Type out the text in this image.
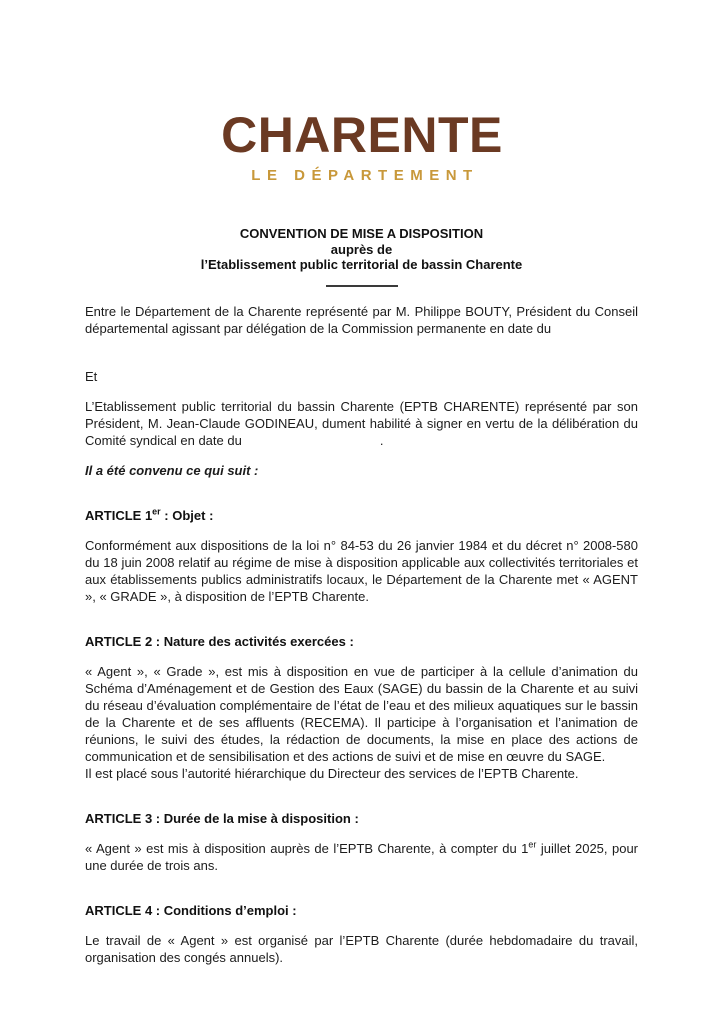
CHARENTE
LE DÉPARTEMENT
CONVENTION DE MISE A DISPOSITION
auprès de
l’Etablissement public territorial de bassin Charente

Entre le Département de la Charente représenté par M. Philippe BOUTY, Président du Conseil départemental agissant par délégation de la Commission permanente en date du

Et

L’Etablissement public territorial du bassin Charente (EPTB CHARENTE) représenté par son Président, M. Jean-Claude GODINEAU, dument habilité à signer en vertu de la délibération du Comité syndical en date du	.

Il a été convenu ce qui suit :

ARTICLE 1er : Objet :

Conformément aux dispositions de la loi n° 84-53 du 26 janvier 1984 et du décret n° 2008-580 du 18 juin 2008 relatif au régime de mise à disposition applicable aux collectivités territoriales et aux établissements publics administratifs locaux, le Département de la Charente met « AGENT », « GRADE », à disposition de l’EPTB Charente.

ARTICLE 2 : Nature des activités exercées :

« Agent », « Grade », est mis à disposition en vue de participer à la cellule d’animation du Schéma d’Aménagement et de Gestion des Eaux (SAGE) du bassin de la Charente et au suivi du réseau d’évaluation complémentaire de l’état de l’eau et des milieux aquatiques sur le bassin de la Charente et de ses affluents (RECEMA). Il participe à l’organisation et l’animation de réunions, le suivi des études, la rédaction de documents, la mise en place des actions de communication et de sensibilisation et des actions de suivi et de mise en œuvre du SAGE.
Il est placé sous l’autorité hiérarchique du Directeur des services de l’EPTB Charente.

ARTICLE 3 : Durée de la mise à disposition :

« Agent » est mis à disposition auprès de l’EPTB Charente, à compter du 1er juillet 2025, pour une durée de trois ans.

ARTICLE 4 : Conditions d’emploi :

Le travail de « Agent » est organisé par l’EPTB Charente (durée hebdomadaire du travail, organisation des congés annuels).
